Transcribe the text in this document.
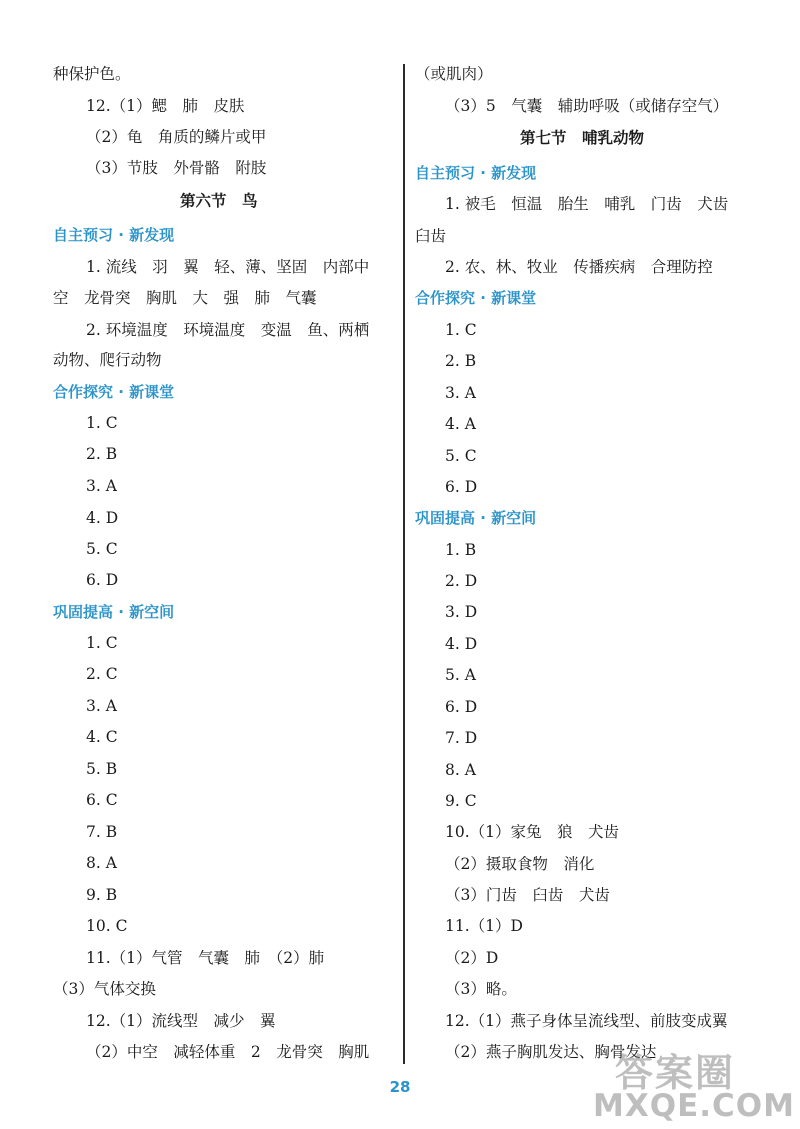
种保护色。
12.（1）鳃　肺　皮肤
（2）龟　角质的鳞片或甲
（3）节肢　外骨骼　附肢
第六节　鸟
自主预习 · 新发现
1. 流线　羽　翼　轻、薄、坚固　内部中
空　龙骨突　胸肌　大　强　肺　气囊
2. 环境温度　环境温度　变温　鱼、两栖
动物、爬行动物
合作探究 · 新课堂
1. C
2. B
3. A
4. D
5. C
6. D
巩固提高 · 新空间
1. C
2. C
3. A
4. C
5. B
6. C
7. B
8. A
9. B
10. C
11.（1）气管　气囊　肺　（2）肺
（3）气体交换
12.（1）流线型　减少　翼
（2）中空　减轻体重　2　龙骨突　胸肌
（或肌肉）
（3）5　气囊　辅助呼吸（或储存空气）
第七节　哺乳动物
自主预习 · 新发现
1. 被毛　恒温　胎生　哺乳　门齿　犬齿
臼齿
2. 农、林、牧业　传播疾病　合理防控
合作探究 · 新课堂
1. C
2. B
3. A
4. A
5. C
6. D
巩固提高 · 新空间
1. B
2. D
3. D
4. D
5. A
6. D
7. D
8. A
9. C
10.（1）家兔　狼　犬齿
（2）摄取食物　消化
（3）门齿　臼齿　犬齿
11.（1）D
（2）D
（3）略。
12.（1）燕子身体呈流线型、前肢变成翼
（2）燕子胸肌发达、胸骨发达
28	答案圈
MXQE.COM
